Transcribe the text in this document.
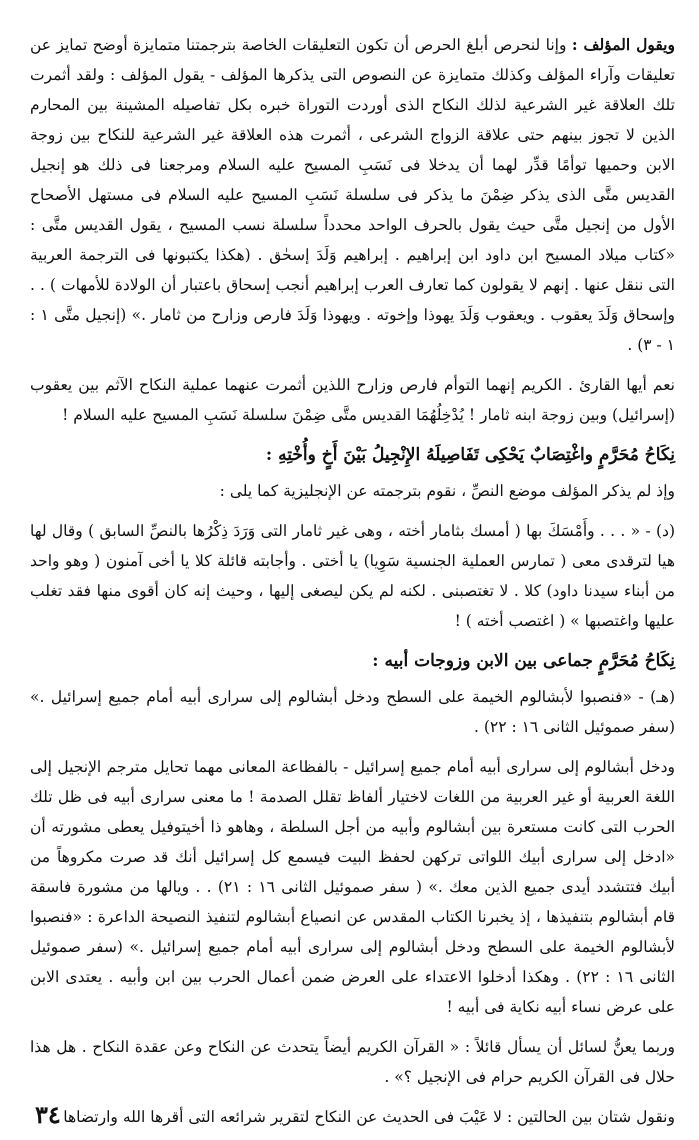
ويقول المؤلف : وإنا لنحرص أبلغ الحرص أن تكون التعليقات الخاصة بترجمتنا متمايزة أوضح تمايز عن تعليقات وآراء المؤلف وكذلك متمايزة عن النصوص التى يذكرها المؤلف - يقول المؤلف : ولقد أثمرت تلك العلاقة غير الشرعية لذلك النكاح الذى أوردت التوراة خبره بكل تفاصيله المشينة بين المحارم الذين لا تجوز بينهم حتى علاقة الزواج الشرعى ، أثمرت هذه العلاقة غير الشرعية للنكاح بين زوجة الابن وحميها توأمًا قدِّر لهما أن يدخلا فى نَسَبِ المسيح عليه السلام ومرجعنا فى ذلك هو إنجيل القديس متَّى الذى يذكر ضِمْنَ ما يذكر فى سلسلة نَسَبِ المسيح عليه السلام فى مستهل الأصحاح الأول من إنجيل متَّى حيث يقول بالحرف الواحد محدداً سلسلة نسب المسيح ، يقول القديس متَّى : «كتاب ميلاد المسيح ابن داود ابن إبراهيم . إبراهيم وَلَدَ إسحٰق . (هكذا يكتبونها فى الترجمة العربية التى ننقل عنها . إنهم لا يقولون كما تعارف العرب إبراهيم أنجب إسحاق باعتبار أن الولادة للأمهات ) . . وإسحاق وَلَدَ يعقوب . ويعقوب وَلَدَ يهوذا وإخوته . ويهوذا وَلَدَ فارص وزارح من ثامار .» (إنجيل متَّى ١ : ١ - ٣) .

نعم أيها القارئ . الكريم إنهما التوأم فارص وزارح اللذين أثمرت عنهما عملية النكاح الآثم بين يعقوب (إسرائيل) وبين زوجة ابنه ثامار ! يُدْخِلُهُمَا القديس متَّى ضِمْنَ سلسلة نَسَبِ المسيح عليه السلام !

نِكَاحُ مُحَرَّمٍ واغْتِصَابٌ يَحْكِى تَفَاصِيلَهُ الإِنْجِيلُ بَيْنَ أَخٍ وأُخْتِهِ :

وإذ لم يذكر المؤلف موضع النصِّ ، نقوم بترجمته عن الإنجليزية كما يلى :

(د) - « . . . وأَمْسَكَ بها ( أمسك بثامار أخته ، وهى غير ثامار التى وَرَدَ ذِكْرُها بالنصِّ السابق ) وقال لها هيا لترقدى معى ( تمارس العملية الجنسية سَوِيا) يا أختى . وأجابته قائلة كلا يا أخى آمنون ( وهو واحد من أبناء سيدنا داود) كلا . لا تغتصبنى . لكنه لم يكن ليصغى إليها ، وحيث إنه كان أقوى منها فقد تغلب عليها واغتصبها » ( اغتصب أخته ) !

نِكَاحُ مُحَرَّمٍ جماعى بين الابن وزوجات أبيه :

(هـ) - «فنصبوا لأبشالوم الخيمة على السطح ودخل أبشالوم إلى سرارى أبيه أمام جميع إسرائيل .» (سفر صموئيل الثانى ١٦ : ٢٢) .

ودخل أبشالوم إلى سرارى أبيه أمام جميع إسرائيل - بالفظاعة المعانى مهما تحايل مترجم الإنجيل إلى اللغة العربية أو غير العربية من اللغات لاختيار ألفاظ تقلل الصدمة ! ما معنى سرارى أبيه فى ظل تلك الحرب التى كانت مستعرة بين أبشالوم وأبيه من أجل السلطة ، وهاهو ذا أخيتوفيل يعطى مشورته أن «ادخل إلى سرارى أبيك اللواتى تركهن لحفظ البيت فيسمع كل إسرائيل أنك قد صرت مكروهاً من أبيك فتتشدد أيدى جميع الذين معك .» ( سفر صموئيل الثانى ١٦ : ٢١) . . ويالها من مشورة فاسقة قام أبشالوم بتنفيذها ، إذ يخبرنا الكتاب المقدس عن انصياع أبشالوم لتنفيذ النصيحة الداعرة : «فنصبوا لأبشالوم الخيمة على السطح ودخل أبشالوم إلى سرارى أبيه أمام جميع إسرائيل .» (سفر صموئيل الثانى ١٦ : ٢٢) . وهكذا أدخلوا الاعتداء على العرض ضمن أعمال الحرب بين ابن وأبيه . يعتدى الابن على عرض نساء أبيه نكاية فى أبيه !

وربما يعنُّ لسائل أن يسأل قائلاً : « القرآن الكريم أيضاً يتحدث عن النكاح وعن عقدة النكاح . هل هذا حلال فى القرآن الكريم حرام فى الإنجيل ؟» .

ونقول شتان بين الحالتين : لا عَيْبَ فى الحديث عن النكاح لتقرير شرائعه التى أقرها الله وارتضاها

٣٤
